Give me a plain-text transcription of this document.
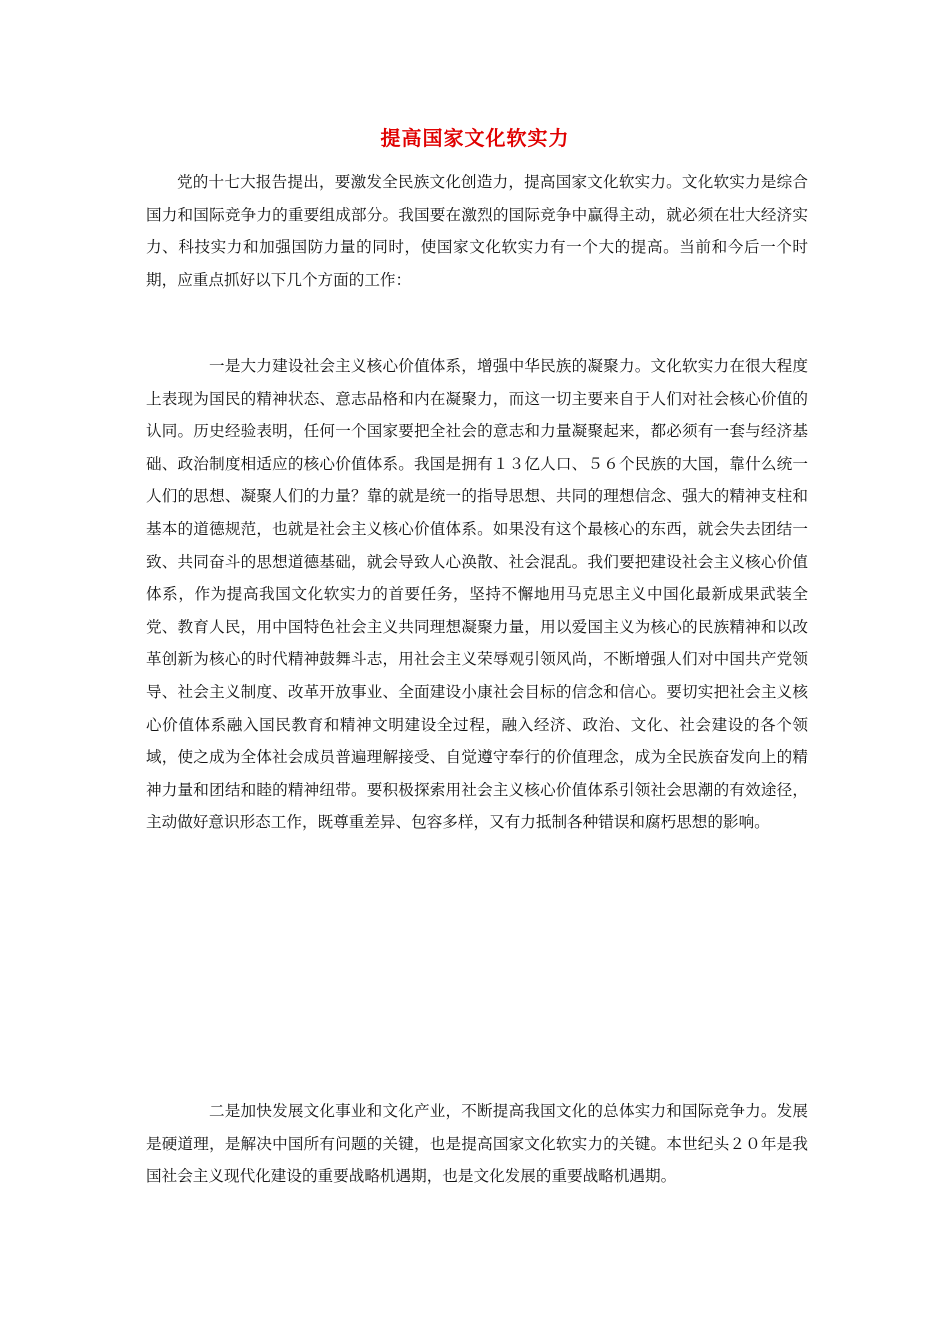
提高国家文化软实力

党的十七大报告提出，要激发全民族文化创造力，提高国家文化软实力。文化软实力是综合国力和国际竞争力的重要组成部分。我国要在激烈的国际竞争中赢得主动，就必须在壮大经济实力、科技实力和加强国防力量的同时，使国家文化软实力有一个大的提高。当前和今后一个时期，应重点抓好以下几个方面的工作：

一是大力建设社会主义核心价值体系，增强中华民族的凝聚力。文化软实力在很大程度上表现为国民的精神状态、意志品格和内在凝聚力，而这一切主要来自于人们对社会核心价值的认同。历史经验表明，任何一个国家要把全社会的意志和力量凝聚起来，都必须有一套与经济基础、政治制度相适应的核心价值体系。我国是拥有１３亿人口、５６个民族的大国，靠什么统一人们的思想、凝聚人们的力量？靠的就是统一的指导思想、共同的理想信念、强大的精神支柱和基本的道德规范，也就是社会主义核心价值体系。如果没有这个最核心的东西，就会失去团结一致、共同奋斗的思想道德基础，就会导致人心涣散、社会混乱。我们要把建设社会主义核心价值体系，作为提高我国文化软实力的首要任务，坚持不懈地用马克思主义中国化最新成果武装全党、教育人民，用中国特色社会主义共同理想凝聚力量，用以爱国主义为核心的民族精神和以改革创新为核心的时代精神鼓舞斗志，用社会主义荣辱观引领风尚，不断增强人们对中国共产党领导、社会主义制度、改革开放事业、全面建设小康社会目标的信念和信心。要切实把社会主义核心价值体系融入国民教育和精神文明建设全过程，融入经济、政治、文化、社会建设的各个领域，使之成为全体社会成员普遍理解接受、自觉遵守奉行的价值理念，成为全民族奋发向上的精神力量和团结和睦的精神纽带。要积极探索用社会主义核心价值体系引领社会思潮的有效途径，主动做好意识形态工作，既尊重差异、包容多样，又有力抵制各种错误和腐朽思想的影响。

二是加快发展文化事业和文化产业，不断提高我国文化的总体实力和国际竞争力。发展是硬道理，是解决中国所有问题的关键，也是提高国家文化软实力的关键。本世纪头２０年是我国社会主义现代化建设的重要战略机遇期，也是文化发展的重要战略机遇期。
